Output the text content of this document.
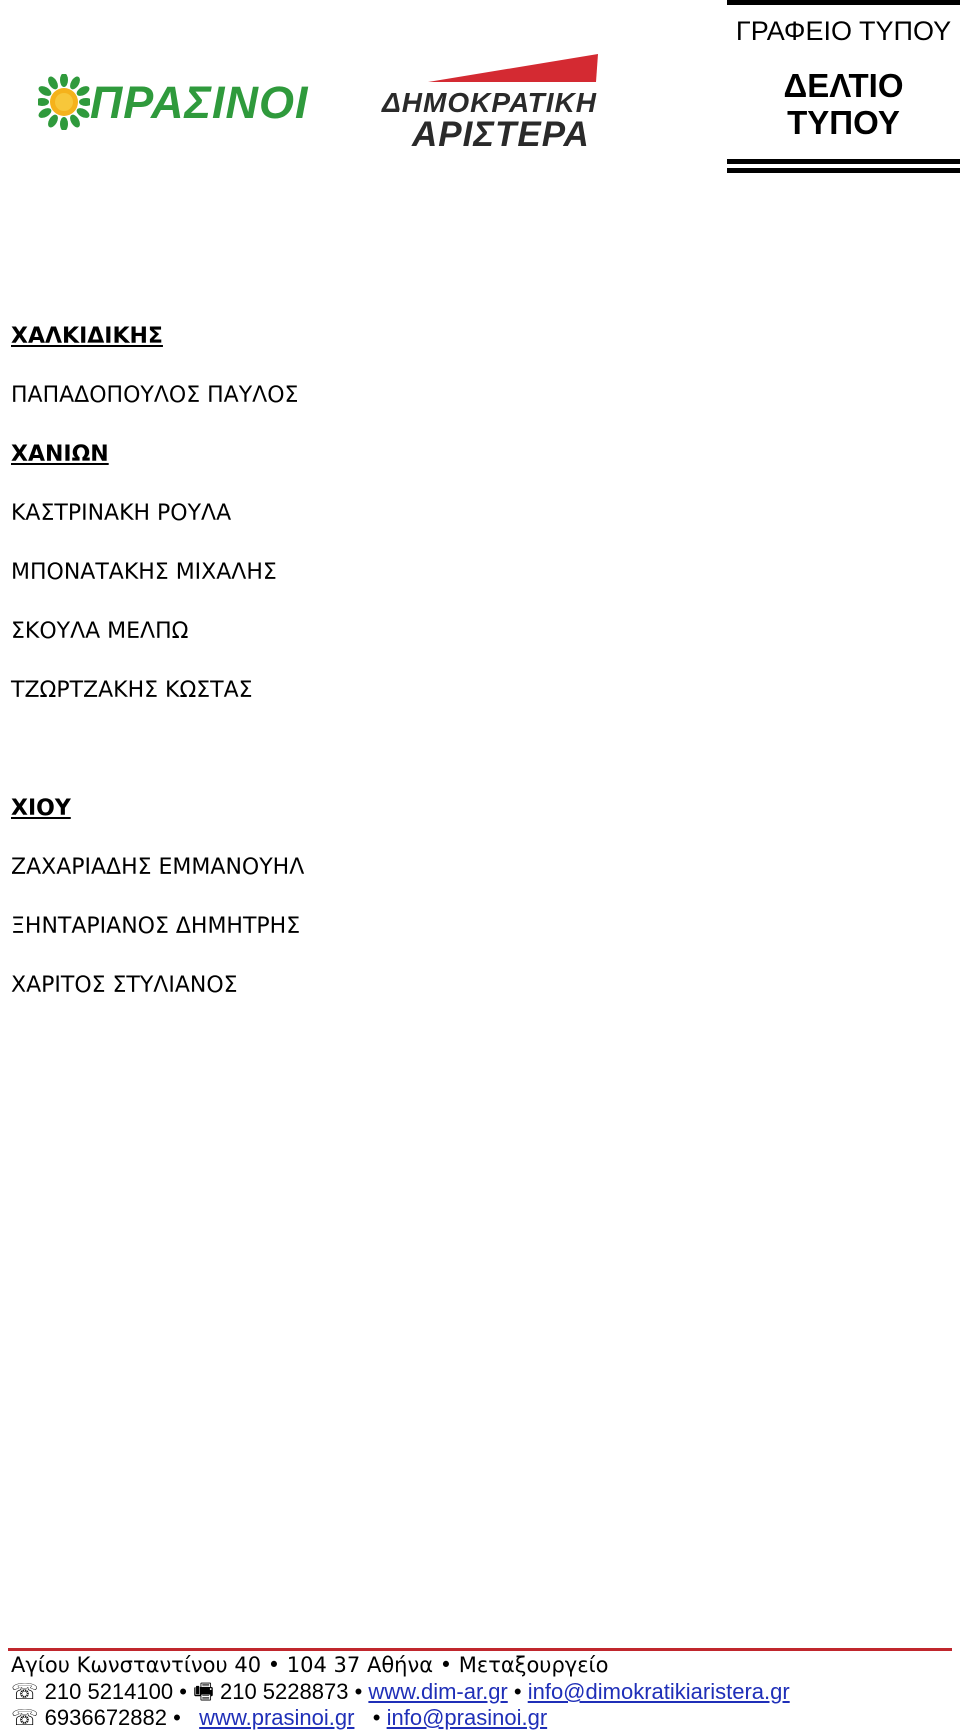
ΠΡΑΣΙΝΟΙ	ΔΗΜΟΚΡΑΤΙΚΗ
ΑΡΙΣΤΕΡΑ
ΓΡΑΦΕΙΟ ΤΥΠΟΥ
ΔΕΛΤΙΟ
ΤΥΠΟΥ
ΧΑΛΚΙΔΙΚΗΣ
ΠΑΠΑΔΟΠΟΥΛΟΣ ΠΑΥΛΟΣ
ΧΑΝΙΩΝ
ΚΑΣΤΡΙΝΑΚΗ ΡΟΥΛΑ
ΜΠΟΝΑΤΑΚΗΣ ΜΙΧΑΛΗΣ
ΣΚΟΥΛΑ ΜΕΛΠΩ
ΤΖΩΡΤΖΑΚΗΣ ΚΩΣΤΑΣ
ΧΙΟΥ
ΖΑΧΑΡΙΑΔΗΣ ΕΜΜΑΝΟΥΗΛ
ΞΗΝΤΑΡΙΑΝΟΣ ΔΗΜΗΤΡΗΣ
ΧΑΡΙΤΟΣ ΣΤΥΛΙΑΝΟΣ
Αγίου Κωνσταντίνου 40 • 104 37 Αθήνα • Μεταξουργείο
☏ 210 5214100 • 🖷 210 5228873 • www.dim-ar.gr • info@dimokratikiaristera.gr
☏ 6936672882 • www.prasinoi.gr • info@prasinoi.gr
